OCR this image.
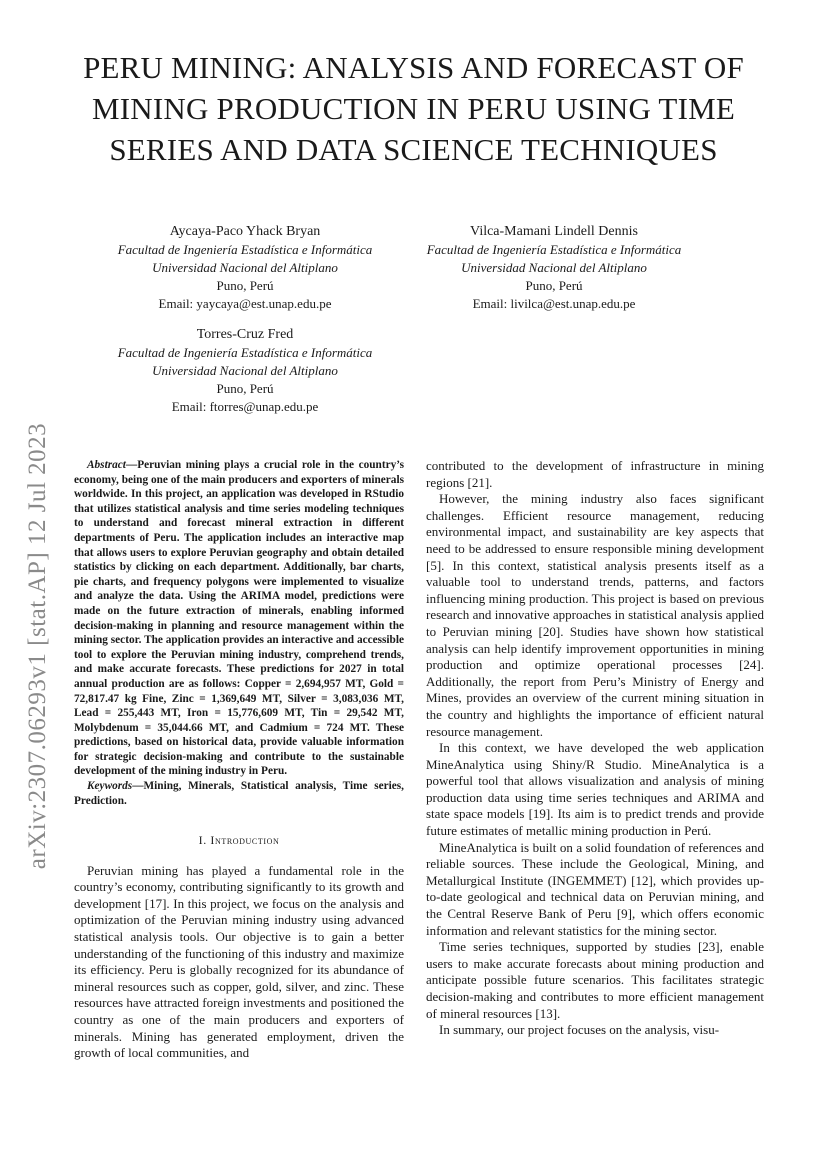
PERU MINING: ANALYSIS AND FORECAST OF MINING PRODUCTION IN PERU USING TIME SERIES AND DATA SCIENCE TECHNIQUES
Aycaya-Paco Yhack Bryan
Facultad de Ingeniería Estadística e Informática
Universidad Nacional del Altiplano
Puno, Perú
Email: yaycaya@est.unap.edu.pe
Vilca-Mamani Lindell Dennis
Facultad de Ingeniería Estadística e Informática
Universidad Nacional del Altiplano
Puno, Perú
Email: livilca@est.unap.edu.pe
Torres-Cruz Fred
Facultad de Ingeniería Estadística e Informática
Universidad Nacional del Altiplano
Puno, Perú
Email: ftorres@unap.edu.pe
arXiv:2307.06293v1 [stat.AP] 12 Jul 2023	Abstract—Peruvian mining plays a crucial role in the country’s economy, being one of the main producers and exporters of minerals worldwide. In this project, an application was developed in RStudio that utilizes statistical analysis and time series modeling techniques to understand and forecast mineral extraction in different departments of Peru. The application includes an interactive map that allows users to explore Peruvian geography and obtain detailed statistics by clicking on each department. Additionally, bar charts, pie charts, and frequency polygons were implemented to visualize and analyze the data. Using the ARIMA model, predictions were made on the future extraction of minerals, enabling informed decision-making in planning and resource management within the mining sector. The application provides an interactive and accessible tool to explore the Peruvian mining industry, comprehend trends, and make accurate forecasts. These predictions for 2027 in total annual production are as follows: Copper = 2,694,957 MT, Gold = 72,817.47 kg Fine, Zinc = 1,369,649 MT, Silver = 3,083,036 MT, Lead = 255,443 MT, Iron = 15,776,609 MT, Tin = 29,542 MT, Molybdenum = 35,044.66 MT, and Cadmium = 724 MT. These predictions, based on historical data, provide valuable information for strategic decision-making and contribute to the sustainable development of the mining industry in Peru.

Keywords—Mining, Minerals, Statistical analysis, Time series, Prediction.

I. Introduction

Peruvian mining has played a fundamental role in the country’s economy, contributing significantly to its growth and development [17]. In this project, we focus on the analysis and optimization of the Peruvian mining industry using advanced statistical analysis tools. Our objective is to gain a better understanding of the functioning of this industry and maximize its efficiency. Peru is globally recognized for its abundance of mineral resources such as copper, gold, silver, and zinc. These resources have attracted foreign investments and positioned the country as one of the main producers and exporters of minerals. Mining has generated employment, driven the growth of local communities, and

contributed to the development of infrastructure in mining regions [21].

However, the mining industry also faces significant challenges. Efficient resource management, reducing environmental impact, and sustainability are key aspects that need to be addressed to ensure responsible mining development [5]. In this context, statistical analysis presents itself as a valuable tool to understand trends, patterns, and factors influencing mining production. This project is based on previous research and innovative approaches in statistical analysis applied to Peruvian mining [20]. Studies have shown how statistical analysis can help identify improvement opportunities in mining production and optimize operational processes [24]. Additionally, the report from Peru’s Ministry of Energy and Mines, provides an overview of the current mining situation in the country and highlights the importance of efficient natural resource management.

In this context, we have developed the web application MineAnalytica using Shiny/R Studio. MineAnalytica is a powerful tool that allows visualization and analysis of mining production data using time series techniques and ARIMA and state space models [19]. Its aim is to predict trends and provide future estimates of metallic mining production in Perú.

MineAnalytica is built on a solid foundation of references and reliable sources. These include the Geological, Mining, and Metallurgical Institute (INGEMMET) [12], which provides up-to-date geological and technical data on Peruvian mining, and the Central Reserve Bank of Peru [9], which offers economic information and relevant statistics for the mining sector.

Time series techniques, supported by studies [23], enable users to make accurate forecasts about mining production and anticipate possible future scenarios. This facilitates strategic decision-making and contributes to more efficient management of mineral resources [13].

In summary, our project focuses on the analysis, visu-
